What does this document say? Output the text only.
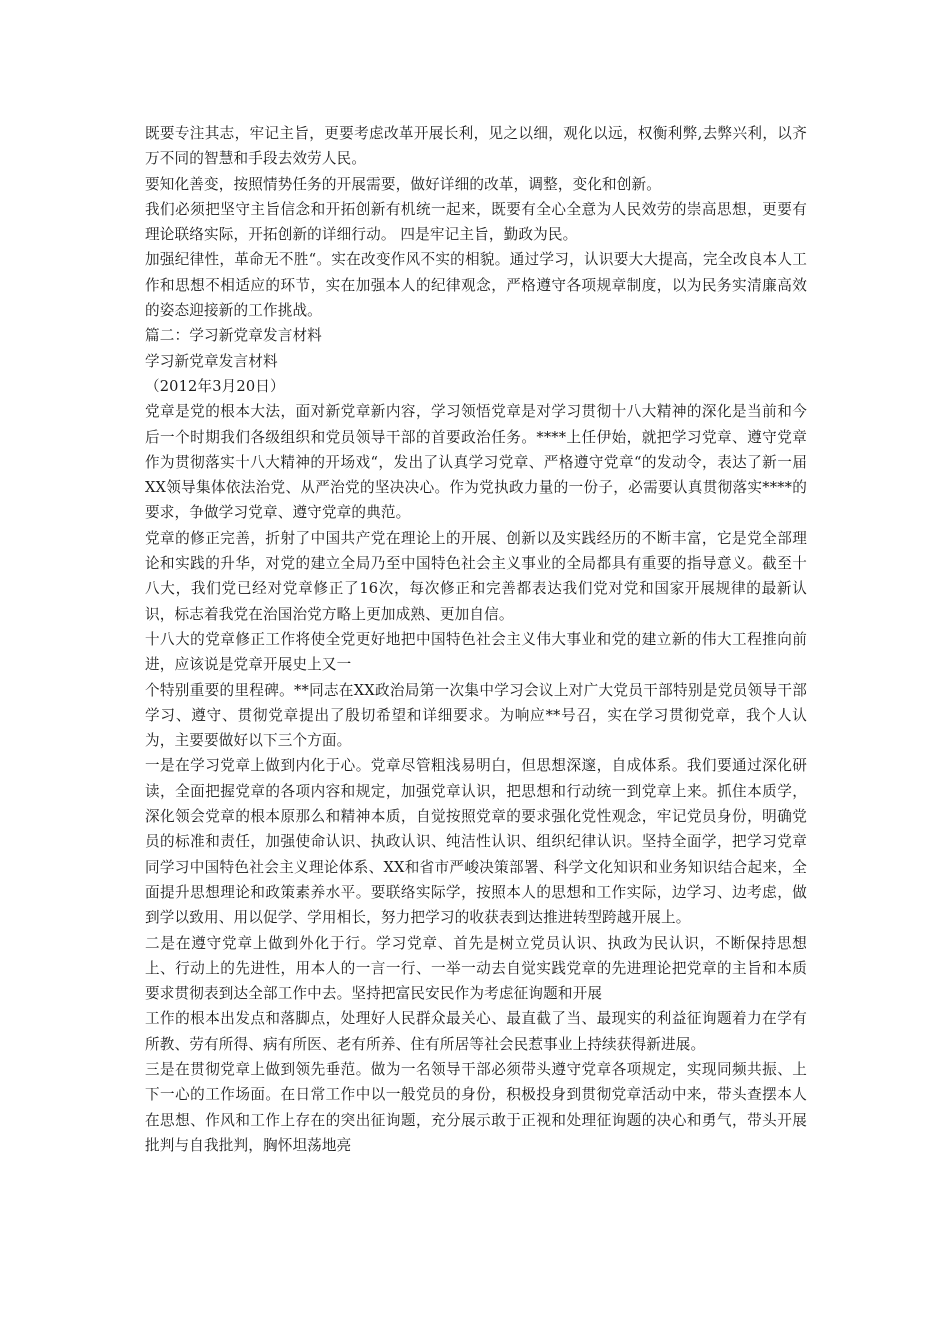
既要专注其志，牢记主旨，更要考虑改革开展长利，见之以细，观化以远，权衡利弊,去弊兴利，以齐万不同的智慧和手段去效劳人民。

要知化善变，按照情势任务的开展需要，做好详细的改革，调整，变化和创新。

我们必须把坚守主旨信念和开拓创新有机统一起来，既要有全心全意为人民效劳的崇高思想，更要有理论联络实际，开拓创新的详细行动。 四是牢记主旨，勤政为民。

加强纪律性，革命无不胜“。实在改变作风不实的相貌。通过学习，认识要大大提高，完全改良本人工作和思想不相适应的环节，实在加强本人的纪律观念，严格遵守各项规章制度，以为民务实清廉高效的姿态迎接新的工作挑战。

篇二：学习新党章发言材料

学习新党章发言材料

（2012年3月20日）

党章是党的根本大法，面对新党章新内容，学习领悟党章是对学习贯彻十八大精神的深化是当前和今后一个时期我们各级组织和党员领导干部的首要政治任务。****上任伊始，就把学习党章、遵守党章作为贯彻落实十八大精神的开场戏“，发出了认真学习党章、严格遵守党章“的发动令，表达了新一届XX领导集体依法治党、从严治党的坚决决心。作为党执政力量的一份子，必需要认真贯彻落实****的要求，争做学习党章、遵守党章的典范。

党章的修正完善，折射了中国共产党在理论上的开展、创新以及实践经历的不断丰富，它是党全部理论和实践的升华，对党的建立全局乃至中国特色社会主义事业的全局都具有重要的指导意义。截至十八大，我们党已经对党章修正了16次，每次修正和完善都表达我们党对党和国家开展规律的最新认识，标志着我党在治国治党方略上更加成熟、更加自信。

十八大的党章修正工作将使全党更好地把中国特色社会主义伟大事业和党的建立新的伟大工程推向前进，应该说是党章开展史上又一

个特别重要的里程碑。**同志在XX政治局第一次集中学习会议上对广大党员干部特别是党员领导干部学习、遵守、贯彻党章提出了殷切希望和详细要求。为响应**号召，实在学习贯彻党章，我个人认为，主要要做好以下三个方面。

一是在学习党章上做到内化于心。党章尽管粗浅易明白，但思想深邃，自成体系。我们要通过深化研读，全面把握党章的各项内容和规定，加强党章认识，把思想和行动统一到党章上来。抓住本质学，深化领会党章的根本原那么和精神本质，自觉按照党章的要求强化党性观念，牢记党员身份，明确党员的标准和责任，加强使命认识、执政认识、纯洁性认识、组织纪律认识。坚持全面学，把学习党章同学习中国特色社会主义理论体系、XX和省市严峻决策部署、科学文化知识和业务知识结合起来，全面提升思想理论和政策素养水平。要联络实际学，按照本人的思想和工作实际，边学习、边考虑，做到学以致用、用以促学、学用相长，努力把学习的收获表到达推进转型跨越开展上。

二是在遵守党章上做到外化于行。学习党章、首先是树立党员认识、执政为民认识，不断保持思想上、行动上的先进性，用本人的一言一行、一举一动去自觉实践党章的先进理论把党章的主旨和本质要求贯彻表到达全部工作中去。坚持把富民安民作为考虑征询题和开展

工作的根本出发点和落脚点，处理好人民群众最关心、最直截了当、最现实的利益征询题着力在学有所教、劳有所得、病有所医、老有所养、住有所居等社会民惹事业上持续获得新进展。

三是在贯彻党章上做到领先垂范。做为一名领导干部必须带头遵守党章各项规定，实现同频共振、上下一心的工作场面。在日常工作中以一般党员的身份，积极投身到贯彻党章活动中来，带头查摆本人在思想、作风和工作上存在的突出征询题，充分展示敢于正视和处理征询题的决心和勇气，带头开展批判与自我批判，胸怀坦荡地亮
